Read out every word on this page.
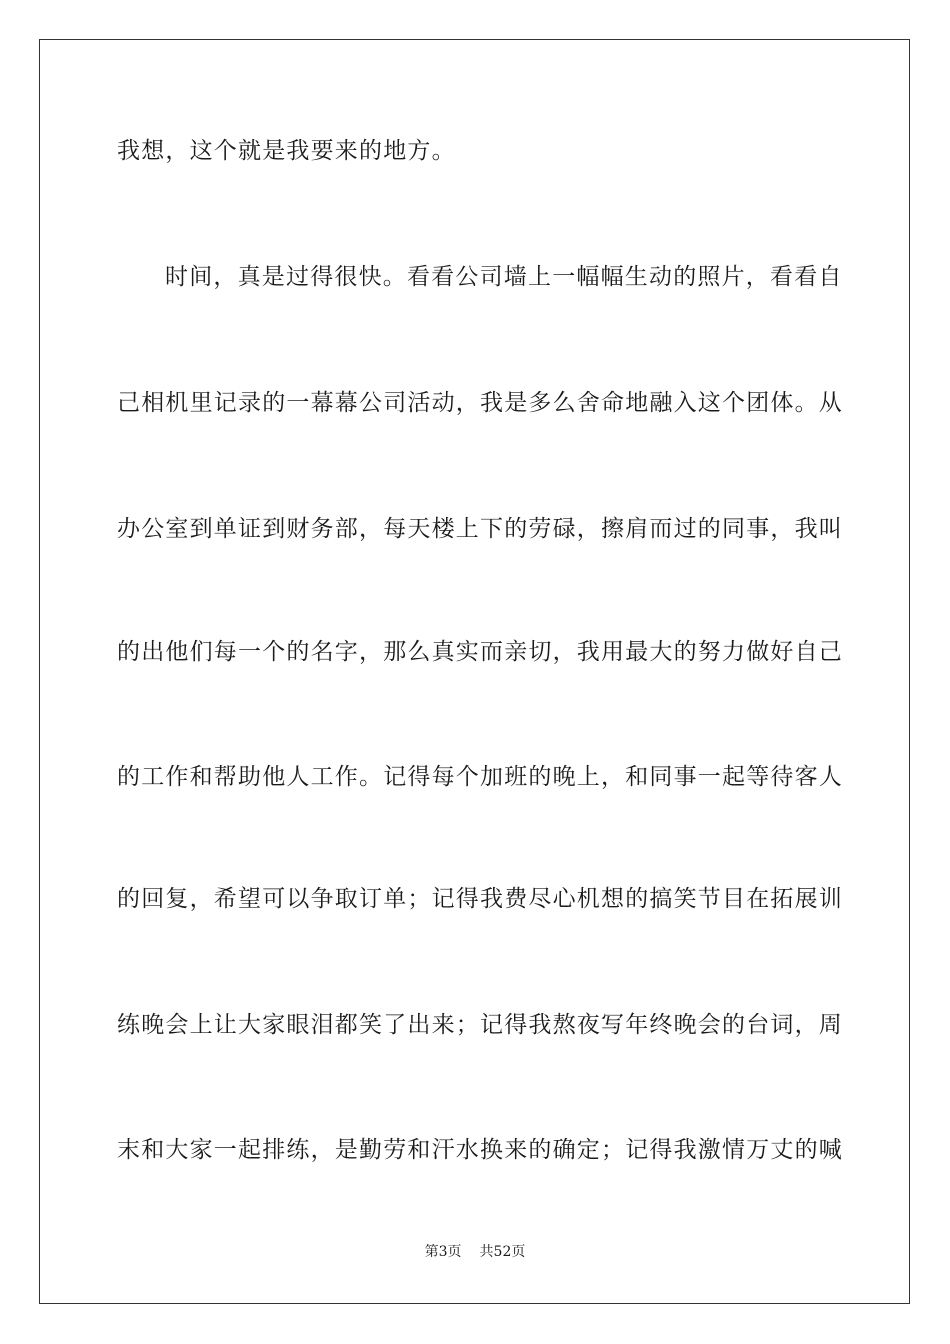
我想，这个就是我要来的地方。
时间，真是过得很快。看看公司墙上一幅幅生动的照片，看看自
己相机里记录的一幕幕公司活动，我是多么舍命地融入这个团体。从
办公室到单证到财务部，每天楼上下的劳碌，擦肩而过的同事，我叫
的出他们每一个的名字，那么真实而亲切，我用最大的努力做好自己
的工作和帮助他人工作。记得每个加班的晚上，和同事一起等待客人
的回复，希望可以争取订单；记得我费尽心机想的搞笑节目在拓展训
练晚会上让大家眼泪都笑了出来；记得我熬夜写年终晚会的台词，周
末和大家一起排练，是勤劳和汗水换来的确定；记得我激情万丈的喊
第3页 共52页
